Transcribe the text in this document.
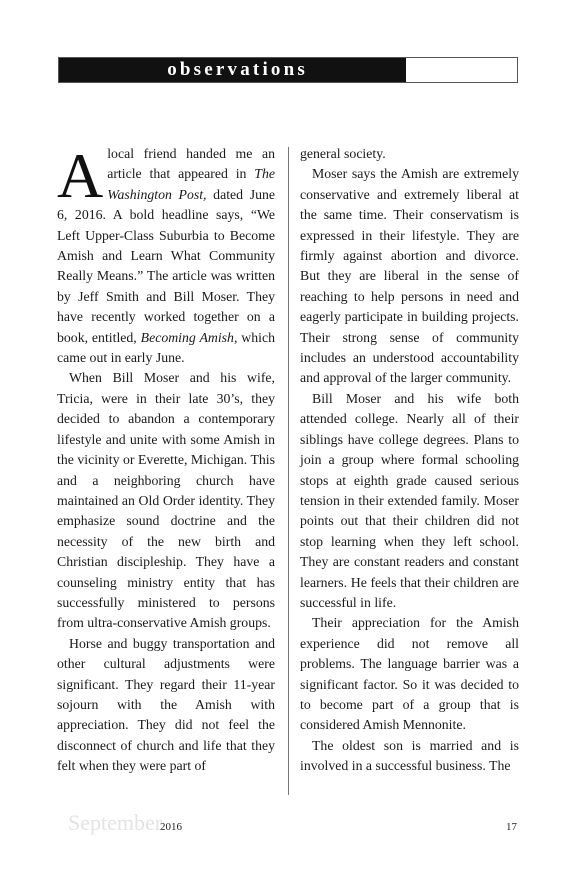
observations

Alocal friend handed me an article that appeared in The Washington Post, dated June 6, 2016. A bold headline says, “We Left Upper-Class Suburbia to Become Amish and Learn What Community Really Means.” The article was written by Jeff Smith and Bill Moser. They have recently worked together on a book, entitled, Becoming Amish, which came out in early June.

When Bill Moser and his wife, Tricia, were in their late 30’s, they decided to abandon a contemporary lifestyle and unite with some Amish in the vicinity or Everette, Michigan. This and a neighboring church have maintained an Old Order identity. They emphasize sound doctrine and the necessity of the new birth and Christian discipleship. They have a counseling ministry entity that has successfully ministered to persons from ultra-conservative Amish groups.

Horse and buggy transportation and other cultural adjustments were significant. They regard their 11-year sojourn with the Amish with appreciation. They did not feel the disconnect of church and life that they felt when they were part of

general society.

Moser says the Amish are extremely conservative and extremely liberal at the same time. Their conservatism is expressed in their lifestyle. They are firmly against abortion and divorce. But they are liberal in the sense of reaching to help persons in need and eagerly participate in building projects. Their strong sense of community includes an understood accountability and approval of the larger community.

Bill Moser and his wife both attended college. Nearly all of their siblings have college degrees. Plans to join a group where formal schooling stops at eighth grade caused serious tension in their extended family. Moser points out that their children did not stop learning when they left school. They are constant readers and constant learners. He feels that their children are successful in life.

Their appreciation for the Amish experience did not remove all problems. The language barrier was a significant factor. So it was decided to to become part of a group that is considered Amish Mennonite.

The oldest son is married and is involved in a successful business. The

September
2016	17
